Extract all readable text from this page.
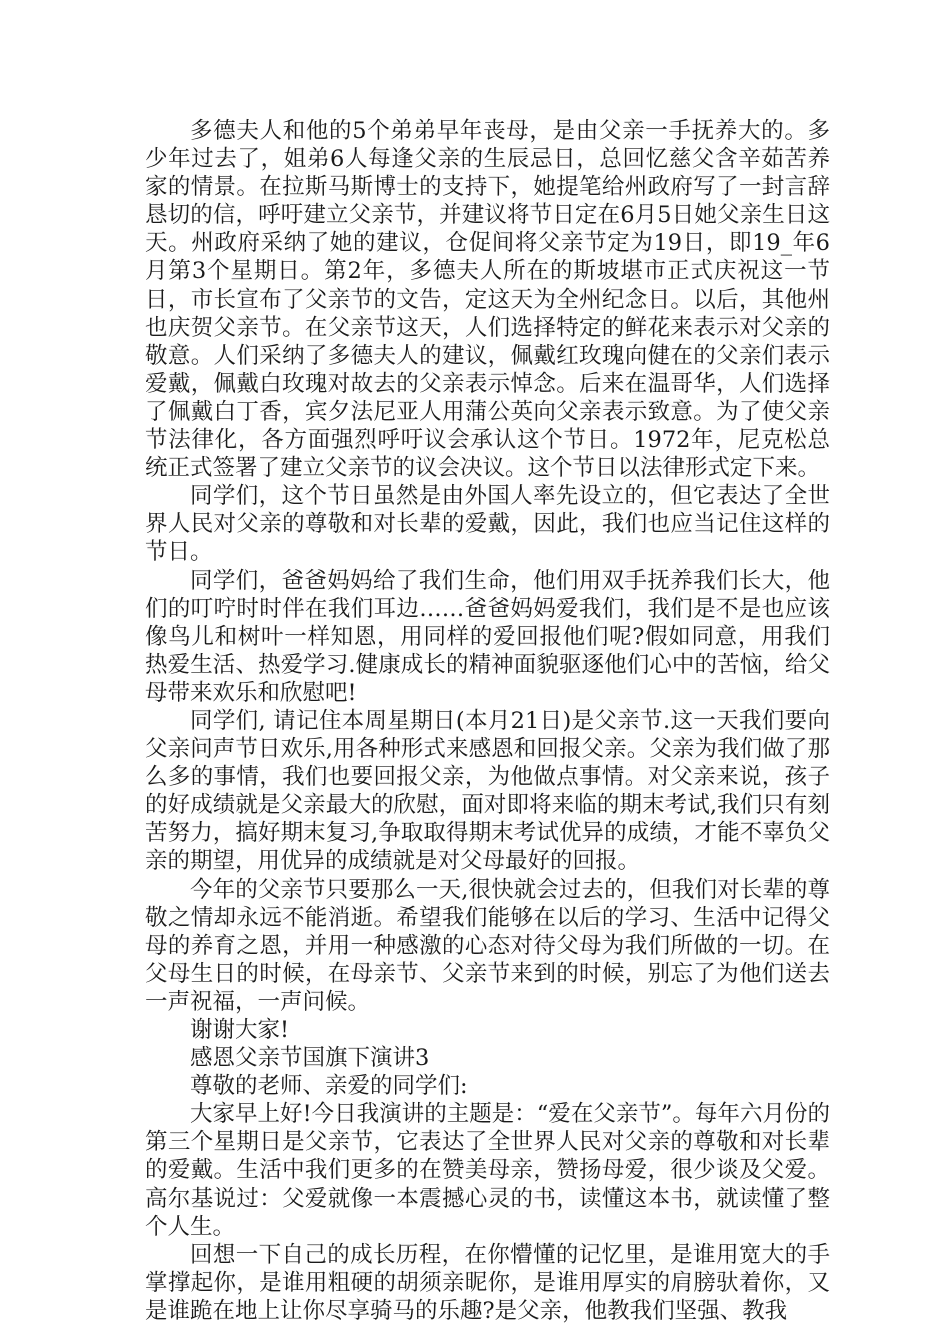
多德夫人和他的5个弟弟早年丧母，是由父亲一手抚养大的。多少年过去了，姐弟6人每逢父亲的生辰忌日，总回忆慈父含辛茹苦养家的情景。在拉斯马斯博士的支持下，她提笔给州政府写了一封言辞恳切的信，呼吁建立父亲节，并建议将节日定在6月5日她父亲生日这天。州政府采纳了她的建议，仓促间将父亲节定为19日，即19_年6月第3个星期日。第2年，多德夫人所在的斯坡堪市正式庆祝这一节日，市长宣布了父亲节的文告，定这天为全州纪念日。以后，其他州也庆贺父亲节。在父亲节这天，人们选择特定的鲜花来表示对父亲的敬意。人们采纳了多德夫人的建议，佩戴红玫瑰向健在的父亲们表示爱戴，佩戴白玫瑰对故去的父亲表示悼念。后来在温哥华，人们选择了佩戴白丁香，宾夕法尼亚人用蒲公英向父亲表示致意。为了使父亲节法律化，各方面强烈呼吁议会承认这个节日。1972年，尼克松总统正式签署了建立父亲节的议会决议。这个节日以法律形式定下来。

同学们，这个节日虽然是由外国人率先设立的，但它表达了全世界人民对父亲的尊敬和对长辈的爱戴，因此，我们也应当记住这样的节日。

同学们，爸爸妈妈给了我们生命，他们用双手抚养我们长大，他们的叮咛时时伴在我们耳边……爸爸妈妈爱我们，我们是不是也应该像鸟儿和树叶一样知恩，用同样的爱回报他们呢?假如同意，用我们热爱生活、热爱学习.健康成长的精神面貌驱逐他们心中的苦恼，给父母带来欢乐和欣慰吧!

同学们, 请记住本周星期日(本月21日)是父亲节.这一天我们要向父亲问声节日欢乐,用各种形式来感恩和回报父亲。父亲为我们做了那么多的事情，我们也要回报父亲，为他做点事情。对父亲来说，孩子的好成绩就是父亲最大的欣慰，面对即将来临的期末考试,我们只有刻苦努力，搞好期末复习,争取取得期末考试优异的成绩，才能不辜负父亲的期望，用优异的成绩就是对父母最好的回报。

今年的父亲节只要那么一天,很快就会过去的，但我们对长辈的尊敬之情却永远不能消逝。希望我们能够在以后的学习、生活中记得父母的养育之恩，并用一种感激的心态对待父母为我们所做的一切。在父母生日的时候，在母亲节、父亲节来到的时候，别忘了为他们送去一声祝福，一声问候。

谢谢大家!

感恩父亲节国旗下演讲3

尊敬的老师、亲爱的同学们:

大家早上好!今日我演讲的主题是：“爱在父亲节”。每年六月份的第三个星期日是父亲节，它表达了全世界人民对父亲的尊敬和对长辈的爱戴。生活中我们更多的在赞美母亲，赞扬母爱，很少谈及父爱。高尔基说过：父爱就像一本震撼心灵的书，读懂这本书，就读懂了整个人生。

回想一下自己的成长历程，在你懵懂的记忆里，是谁用宽大的手掌撑起你，是谁用粗硬的胡须亲昵你，是谁用厚实的肩膀驮着你，又是谁跪在地上让你尽享骑马的乐趣?是父亲，他教我们坚强、教我
